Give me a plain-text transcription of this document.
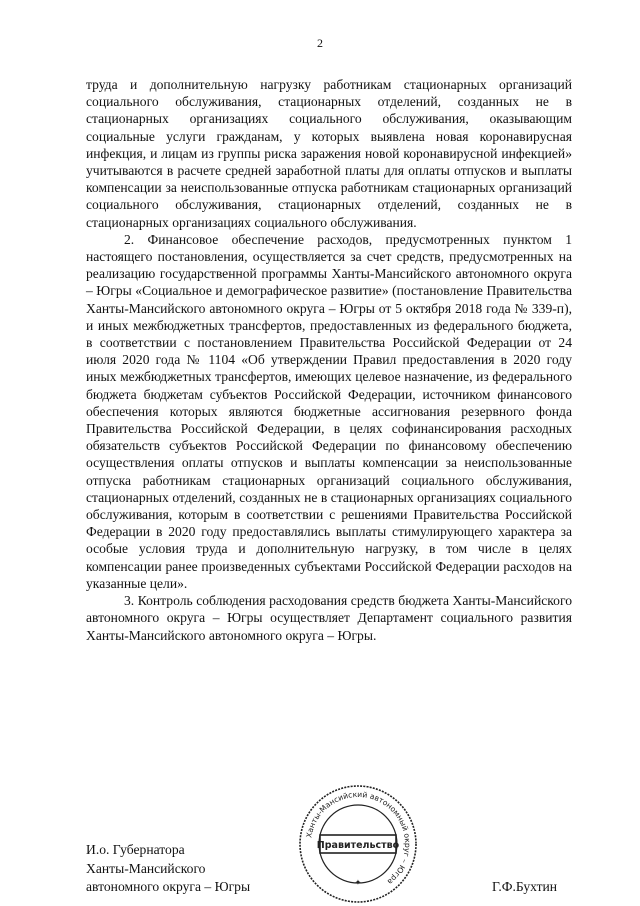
2

труда и дополнительную нагрузку работникам стационарных организаций социального обслуживания, стационарных отделений, созданных не в стационарных организациях социального обслуживания, оказывающим социальные услуги гражданам, у которых выявлена новая коронавирусная инфекция, и лицам из группы риска заражения новой коронавирусной инфекцией» учитываются в расчете средней заработной платы для оплаты отпусков и выплаты компенсации за неиспользованные отпуска работникам стационарных организаций социального обслуживания, стационарных отделений, созданных не в стационарных организациях социального обслуживания.

2. Финансовое обеспечение расходов, предусмотренных пунктом 1 настоящего постановления, осуществляется за счет средств, предусмотренных на реализацию государственной программы Ханты-Мансийского автономного округа – Югры «Социальное и демографическое развитие» (постановление Правительства Ханты-Мансийского автономного округа – Югры от 5 октября 2018 года № 339-п), и иных межбюджетных трансфертов, предоставленных из федерального бюджета, в соответствии с постановлением Правительства Российской Федерации от 24 июля 2020 года № 1104 «Об утверждении Правил предоставления в 2020 году иных межбюджетных трансфертов, имеющих целевое назначение, из федерального бюджета бюджетам субъектов Российской Федерации, источником финансового обеспечения которых являются бюджетные ассигнования резервного фонда Правительства Российской Федерации, в целях софинансирования расходных обязательств субъектов Российской Федерации по финансовому обеспечению осуществления оплаты отпусков и выплаты компенсации за неиспользованные отпуска работникам стационарных организаций социального обслуживания, стационарных отделений, созданных не в стационарных организациях социального обслуживания, которым в соответствии с решениями Правительства Российской Федерации в 2020 году предоставлялись выплаты стимулирующего характера за особые условия труда и дополнительную нагрузку, в том числе в целях компенсации ранее произведенных субъектами Российской Федерации расходов на указанные цели».

3. Контроль соблюдения расходования средств бюджета Ханты-Мансийского автономного округа – Югры осуществляет Департамент социального развития Ханты-Мансийского автономного округа – Югры.

И.о. Губернатора
Ханты-Мансийского
автономного округа – Югры
Ханты-Мансийский автономный округ – Югра
Правительство
✦	Г.Ф.Бухтин
